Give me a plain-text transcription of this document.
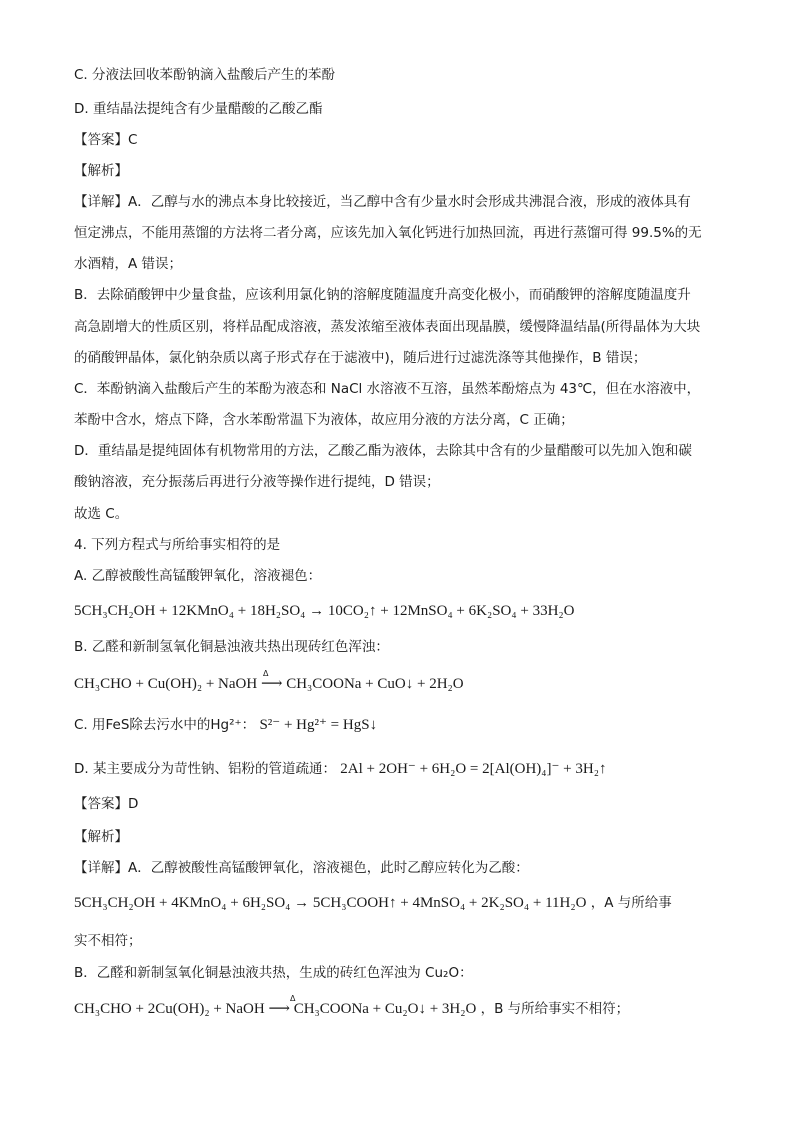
C. 分液法回收苯酚钠滴入盐酸后产生的苯酚
D. 重结晶法提纯含有少量醋酸的乙酸乙酯
【答案】C
【解析】
【详解】A．乙醇与水的沸点本身比较接近，当乙醇中含有少量水时会形成共沸混合液，形成的液体具有
恒定沸点，不能用蒸馏的方法将二者分离，应该先加入氧化钙进行加热回流，再进行蒸馏可得 99.5%的无
水酒精，A 错误；
B．去除硝酸钾中少量食盐，应该利用氯化钠的溶解度随温度升高变化极小，而硝酸钾的溶解度随温度升
高急剧增大的性质区别，将样品配成溶液，蒸发浓缩至液体表面出现晶膜，缓慢降温结晶(所得晶体为大块
的硝酸钾晶体，氯化钠杂质以离子形式存在于滤液中)，随后进行过滤洗涤等其他操作，B 错误；
C．苯酚钠滴入盐酸后产生的苯酚为液态和 NaCl 水溶液不互溶，虽然苯酚熔点为 43℃，但在水溶液中，
苯酚中含水，熔点下降，含水苯酚常温下为液体，故应用分液的方法分离，C 正确；
D．重结晶是提纯固体有机物常用的方法，乙酸乙酯为液体，去除其中含有的少量醋酸可以先加入饱和碳
酸钠溶液，充分振荡后再进行分液等操作进行提纯，D 错误；
故选 C。
4. 下列方程式与所给事实相符的是
A. 乙醇被酸性高锰酸钾氧化，溶液褪色：
5CH₃CH₂OH + 12KMnO₄ + 18H₂SO₄ → 10CO₂↑ + 12MnSO₄ + 6K₂SO₄ + 33H₂O
B. 乙醛和新制氢氧化铜悬浊液共热出现砖红色浑浊：
CH₃CHO + Cu(OH)₂ + NaOH ⟶ CH₃COONa + CuO↓ + 2H₂O
Δ
C. 用FeS除去污水中的Hg²⁺： S²⁻ + Hg²⁺ = HgS↓
D. 某主要成分为苛性钠、铝粉的管道疏通： 2Al + 2OH⁻ + 6H₂O = 2[Al(OH)₄]⁻ + 3H₂↑
【答案】D
【解析】
【详解】A．乙醇被酸性高锰酸钾氧化，溶液褪色，此时乙醇应转化为乙酸：
5CH₃CH₂OH + 4KMnO₄ + 6H₂SO₄ → 5CH₃COOH↑ + 4MnSO₄ + 2K₂SO₄ + 11H₂O ，A 与所给事
实不相符；
B．乙醛和新制氢氧化铜悬浊液共热，生成的砖红色浑浊为 Cu₂O：
CH₃CHO + 2Cu(OH)₂ + NaOH ⟶ CH₃COONa + Cu₂O↓ + 3H₂O ，B 与所给事实不相符；
Δ
